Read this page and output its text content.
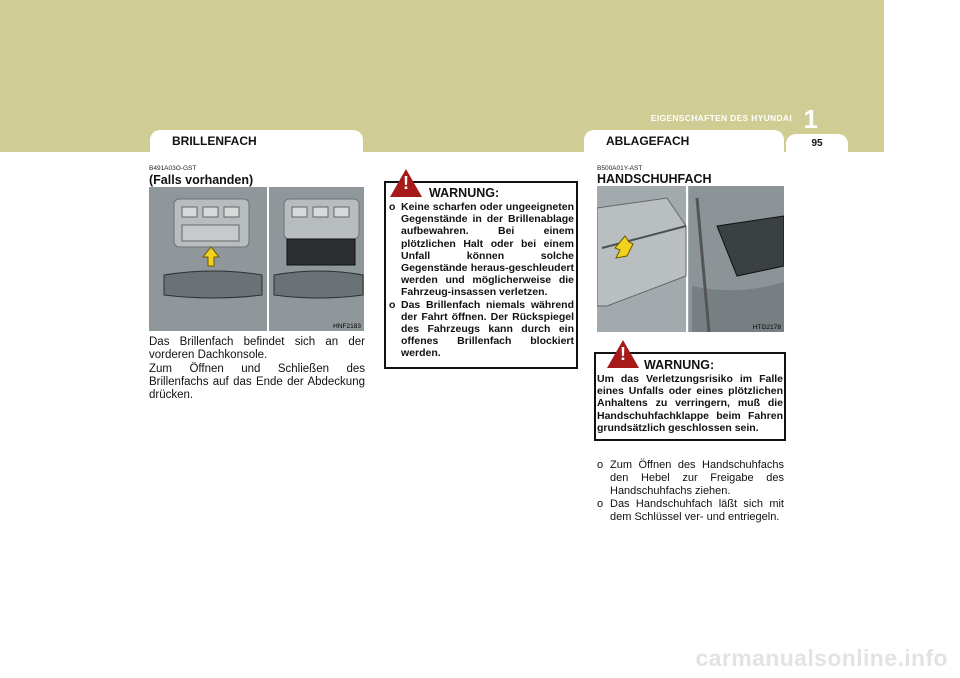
EIGENSCHAFTEN DES HYUNDAI 1
95
BRILLENFACH
B491A03O-GST
(Falls vorhanden)
HNF2183
Das Brillenfach befindet sich an der vorderen Dachkonsole.
Zum Öffnen und Schließen des Brillenfachs auf das Ende der Abdeckung drücken.
!	WARNUNG:
o Keine scharfen oder ungeeigneten Gegenstände in der Brillenablage aufbewahren. Bei einem plötzlichen Halt oder bei einem Unfall können solche Gegenstände heraus-geschleudert werden und möglicherweise die Fahrzeug-insassen verletzen.
o Das Brillenfach niemals während der Fahrt öffnen. Der Rückspiegel des Fahrzeugs kann durch ein offenes Brillenfach blockiert werden.
ABLAGEFACH
B500A01Y-AST
HANDSCHUHFACH
HTG2178
!
WARNUNG:
Um das Verletzungsrisiko im Falle eines Unfalls oder eines plötzlichen Anhaltens zu verringern, muß die Handschuhfachklappe beim Fahren grundsätzlich geschlossen sein.
o Zum Öffnen des Handschuhfachs den Hebel zur Freigabe des Handschuhfachs ziehen.
o Das Handschuhfach läßt sich mit dem Schlüssel ver- und entriegeln.
carmanualsonline.info
